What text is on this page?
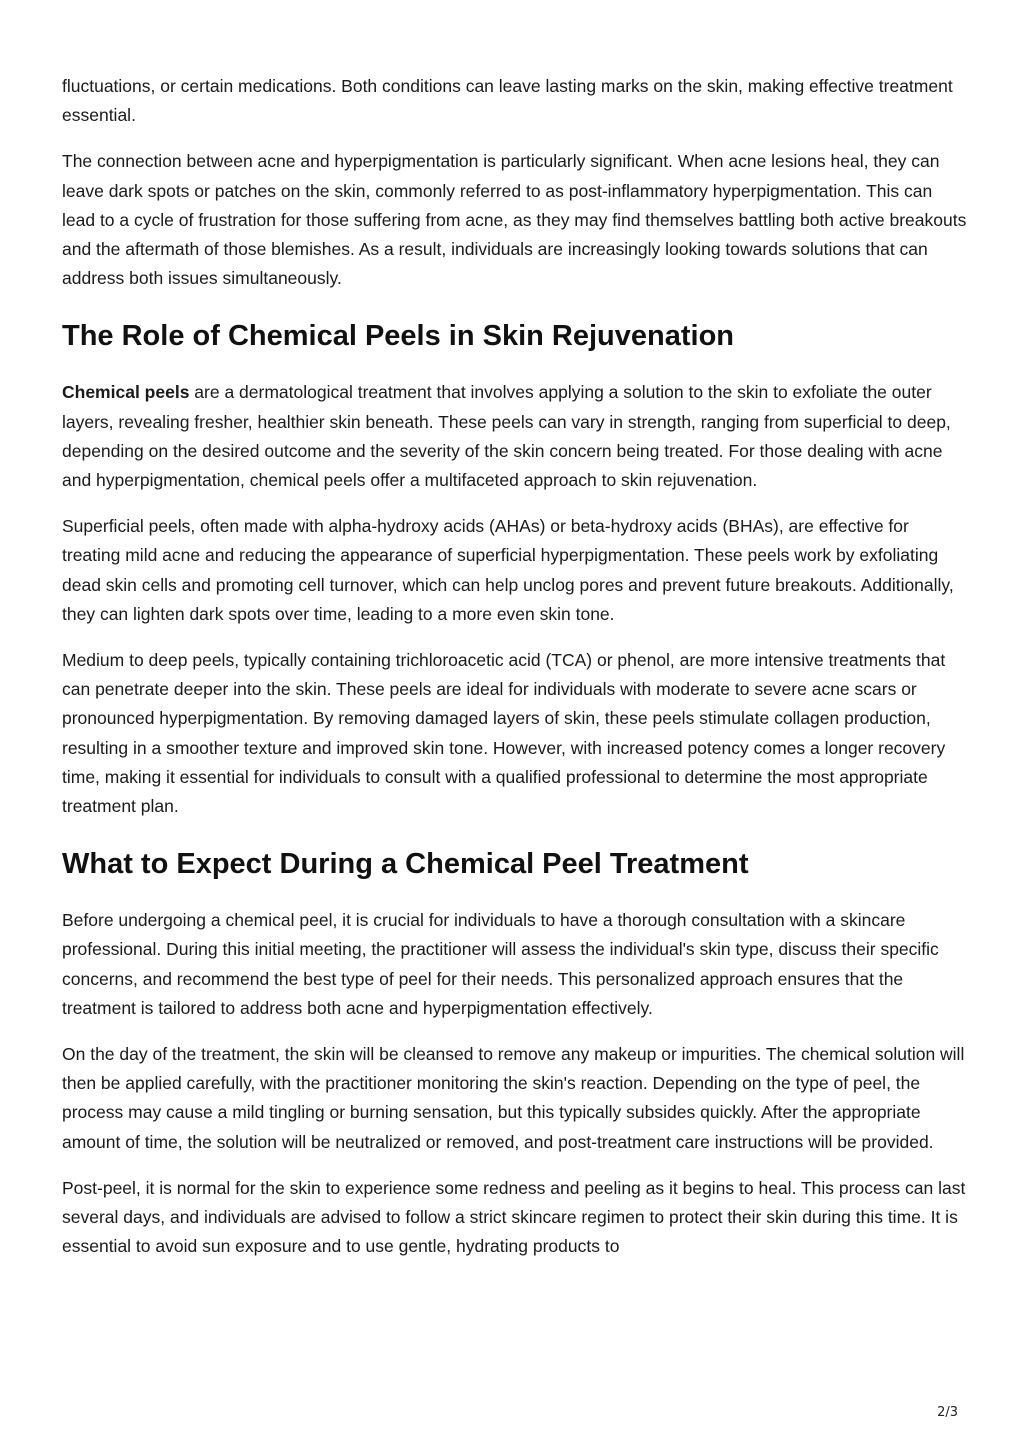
fluctuations, or certain medications. Both conditions can leave lasting marks on the skin, making effective treatment essential.

The connection between acne and hyperpigmentation is particularly significant. When acne lesions heal, they can leave dark spots or patches on the skin, commonly referred to as post-inflammatory hyperpigmentation. This can lead to a cycle of frustration for those suffering from acne, as they may find themselves battling both active breakouts and the aftermath of those blemishes. As a result, individuals are increasingly looking towards solutions that can address both issues simultaneously.

The Role of Chemical Peels in Skin Rejuvenation

Chemical peels are a dermatological treatment that involves applying a solution to the skin to exfoliate the outer layers, revealing fresher, healthier skin beneath. These peels can vary in strength, ranging from superficial to deep, depending on the desired outcome and the severity of the skin concern being treated. For those dealing with acne and hyperpigmentation, chemical peels offer a multifaceted approach to skin rejuvenation.

Superficial peels, often made with alpha-hydroxy acids (AHAs) or beta-hydroxy acids (BHAs), are effective for treating mild acne and reducing the appearance of superficial hyperpigmentation. These peels work by exfoliating dead skin cells and promoting cell turnover, which can help unclog pores and prevent future breakouts. Additionally, they can lighten dark spots over time, leading to a more even skin tone.

Medium to deep peels, typically containing trichloroacetic acid (TCA) or phenol, are more intensive treatments that can penetrate deeper into the skin. These peels are ideal for individuals with moderate to severe acne scars or pronounced hyperpigmentation. By removing damaged layers of skin, these peels stimulate collagen production, resulting in a smoother texture and improved skin tone. However, with increased potency comes a longer recovery time, making it essential for individuals to consult with a qualified professional to determine the most appropriate treatment plan.

What to Expect During a Chemical Peel Treatment

Before undergoing a chemical peel, it is crucial for individuals to have a thorough consultation with a skincare professional. During this initial meeting, the practitioner will assess the individual's skin type, discuss their specific concerns, and recommend the best type of peel for their needs. This personalized approach ensures that the treatment is tailored to address both acne and hyperpigmentation effectively.

On the day of the treatment, the skin will be cleansed to remove any makeup or impurities. The chemical solution will then be applied carefully, with the practitioner monitoring the skin's reaction. Depending on the type of peel, the process may cause a mild tingling or burning sensation, but this typically subsides quickly. After the appropriate amount of time, the solution will be neutralized or removed, and post-treatment care instructions will be provided.

Post-peel, it is normal for the skin to experience some redness and peeling as it begins to heal. This process can last several days, and individuals are advised to follow a strict skincare regimen to protect their skin during this time. It is essential to avoid sun exposure and to use gentle, hydrating products to

2/3
